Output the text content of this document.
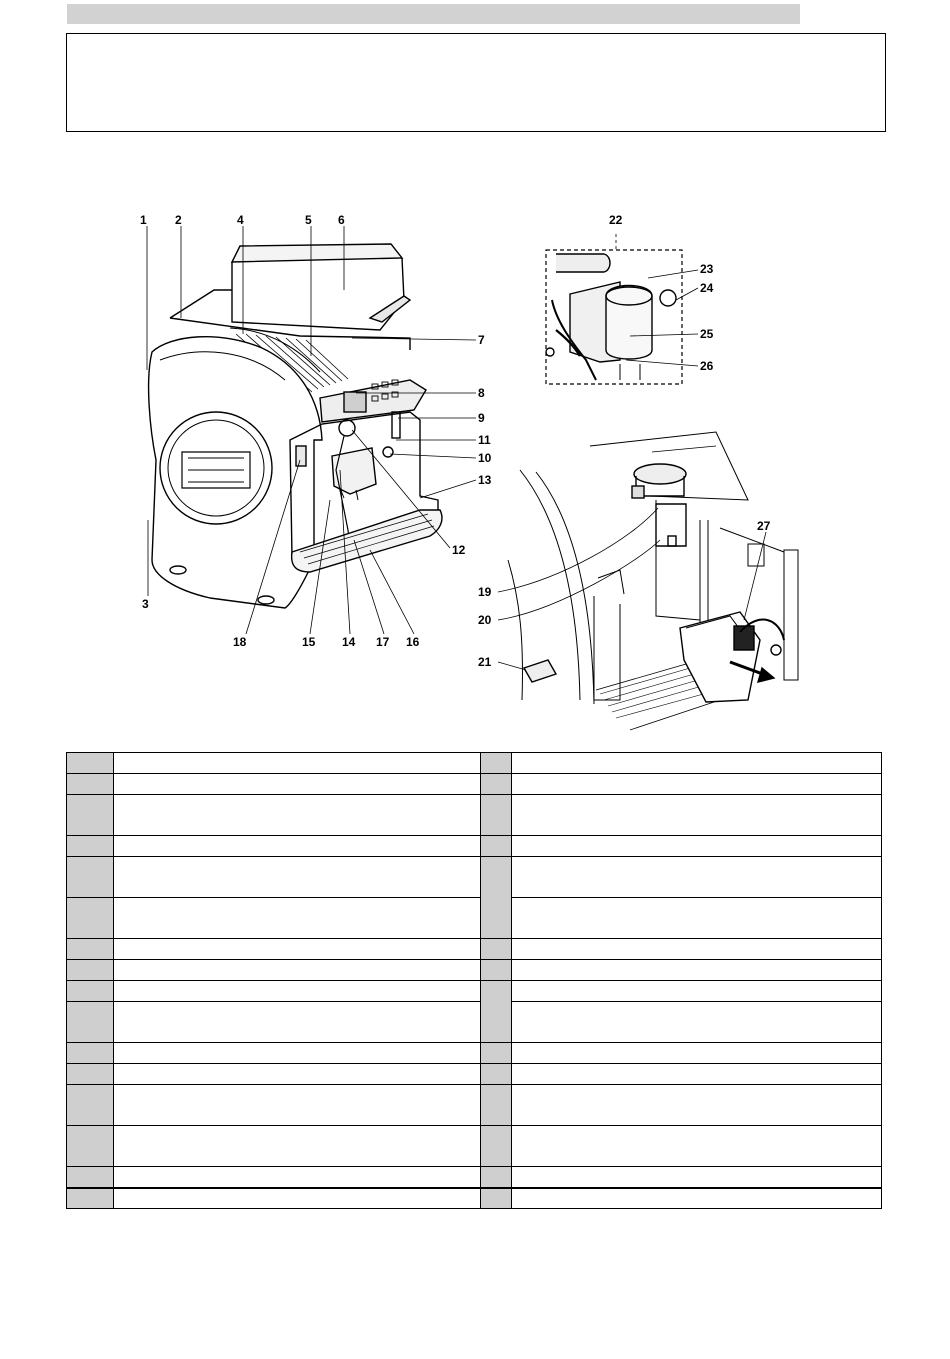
1 2	4	5 6
7
8
9
11
10
13
12
3
18	15 14 17 16
22
23
24
25
26
19
20
21
27
